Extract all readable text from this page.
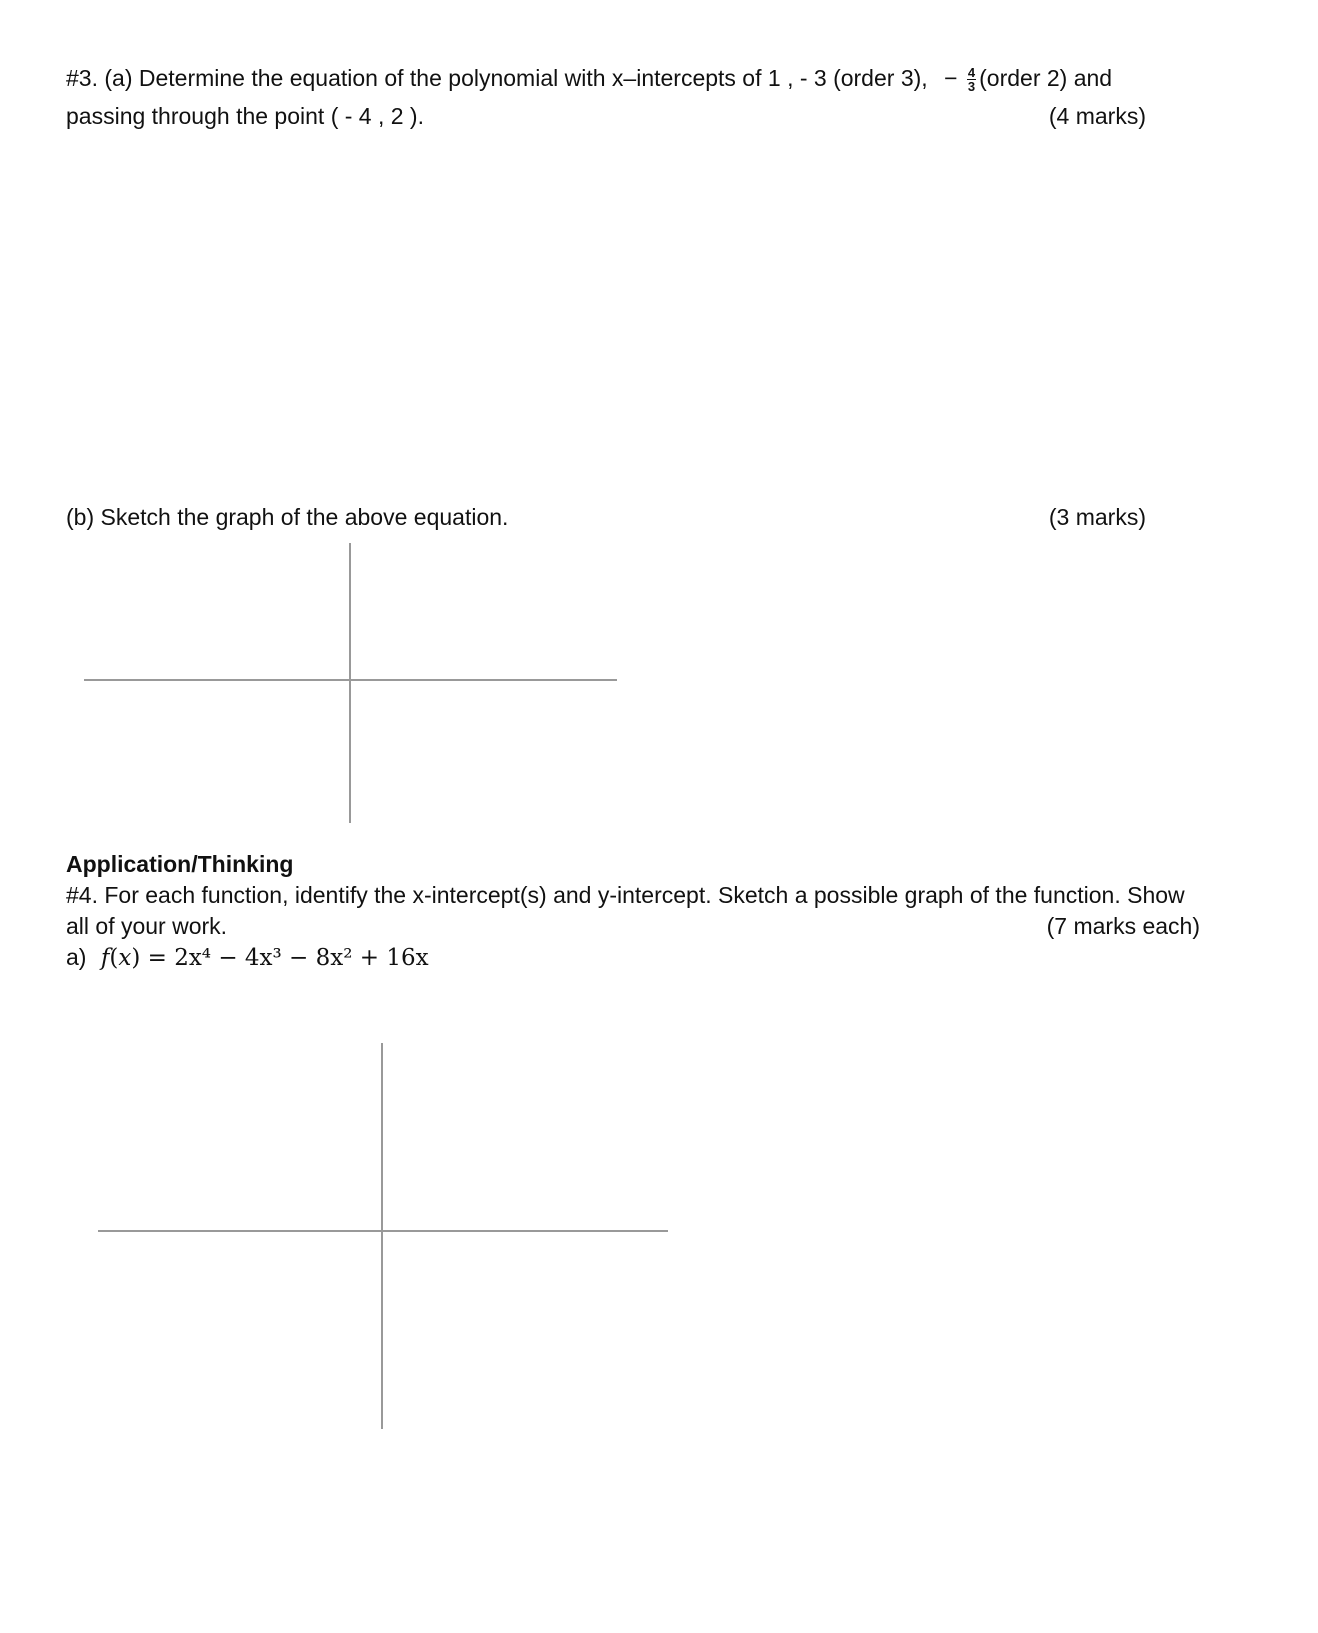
#3. (a) Determine the equation of the polynomial with x–intercepts of 1 , - 3 (order 3), − $\frac{4}{3}$ (order 2) and
passing through the point ( - 4 , 2 ).	(4 marks)
(b) Sketch the graph of the above equation.	(3 marks)
Application/Thinking
#4. For each function, identify the x-intercept(s) and y-intercept. Sketch a possible graph of the function. Show
all of your work.	(7 marks each)
a) f(x) = 2x⁴ − 4x³ − 8x² + 16x
